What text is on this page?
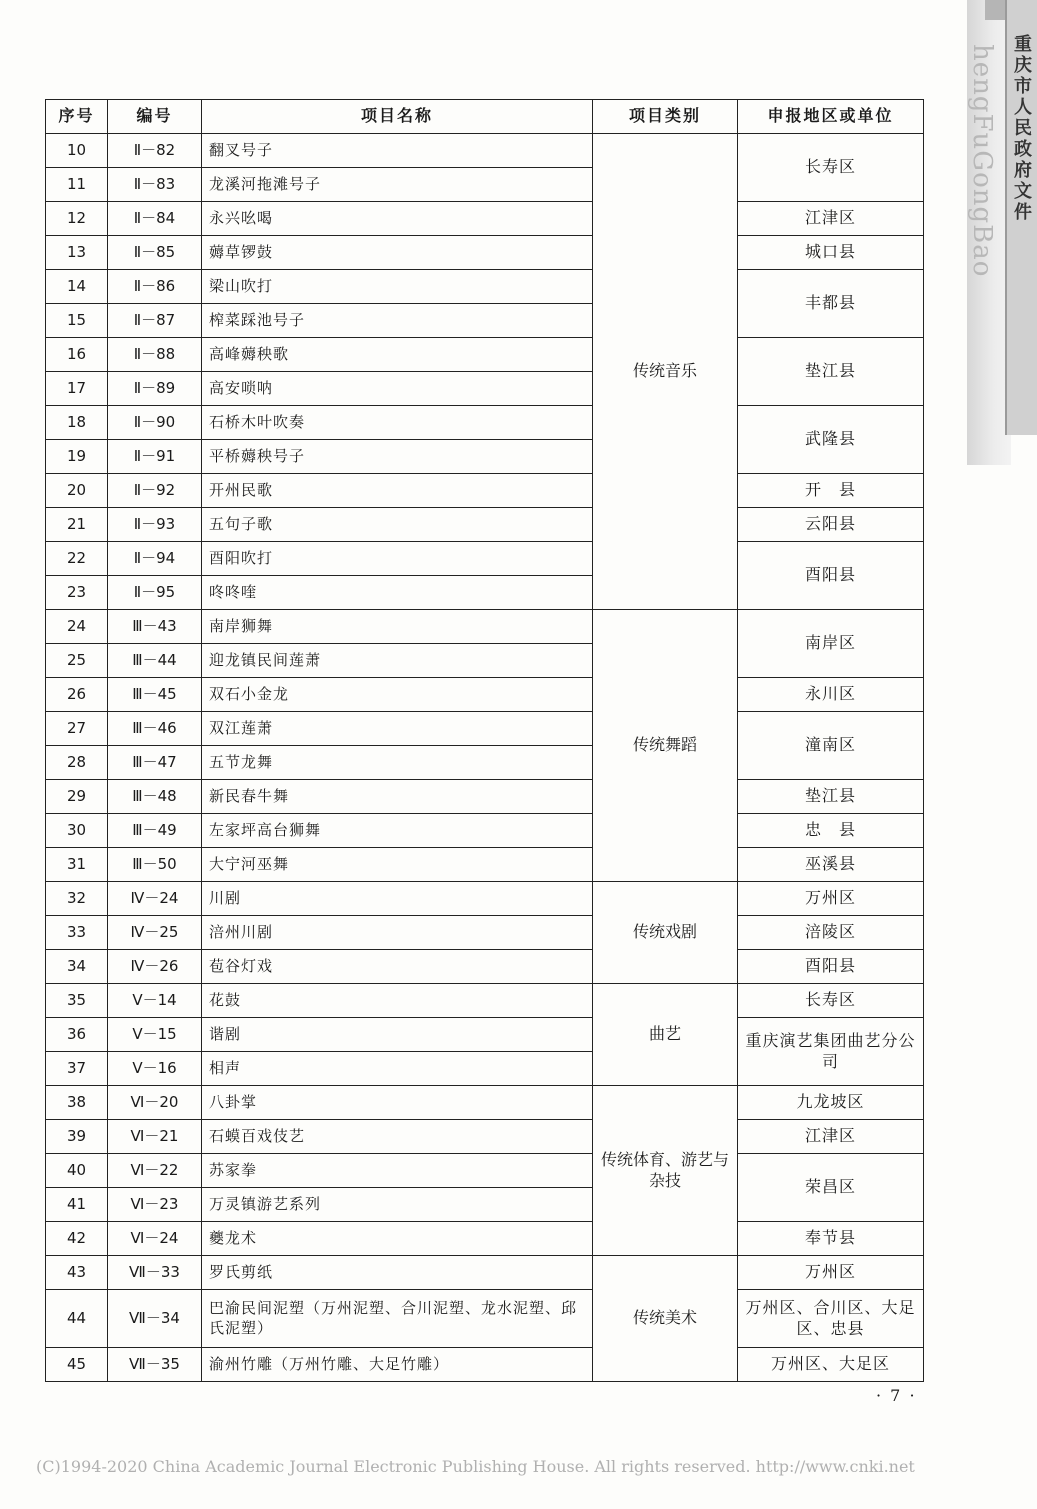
hengFuGongBao 重庆市人民政府文件
序号	编号	项目名称	项目类别	申报地区或单位
10	Ⅱ－82	翻叉号子	传统音乐	长寿区
11	Ⅱ－83	龙溪河拖滩号子		
12	Ⅱ－84	永兴吆喝		江津区
13	Ⅱ－85	薅草锣鼓		城口县
14	Ⅱ－86	梁山吹打		丰都县
15	Ⅱ－87	榨菜踩池号子		
16	Ⅱ－88	高峰薅秧歌		垫江县
17	Ⅱ－89	高安唢呐		
18	Ⅱ－90	石桥木叶吹奏		武隆县
19	Ⅱ－91	平桥薅秧号子		
20	Ⅱ－92	开州民歌		开　县
21	Ⅱ－93	五句子歌		云阳县
22	Ⅱ－94	酉阳吹打		酉阳县
23	Ⅱ－95	咚咚喹		
24	Ⅲ－43	南岸狮舞	传统舞蹈	南岸区
25	Ⅲ－44	迎龙镇民间莲萧		
26	Ⅲ－45	双石小金龙		永川区
27	Ⅲ－46	双江莲萧		潼南区
28	Ⅲ－47	五节龙舞		
29	Ⅲ－48	新民春牛舞		垫江县
30	Ⅲ－49	左家坪高台狮舞		忠　县
31	Ⅲ－50	大宁河巫舞		巫溪县
32	Ⅳ－24	川剧	传统戏剧	万州区
33	Ⅳ－25	涪州川剧		涪陵区
34	Ⅳ－26	苞谷灯戏		酉阳县
35	Ⅴ－14	花鼓	曲艺	长寿区
36	Ⅴ－15	谐剧		重庆演艺集团曲艺分公司
37	Ⅴ－16	相声		
38	Ⅵ－20	八卦掌	传统体育、游艺与杂技	九龙坡区
39	Ⅵ－21	石蟆百戏伎艺		江津区
40	Ⅵ－22	苏家拳		荣昌区
41	Ⅵ－23	万灵镇游艺系列		
42	Ⅵ－24	夔龙术		奉节县
43	Ⅶ－33	罗氏剪纸	传统美术	万州区
44	Ⅶ－34	巴渝民间泥塑（万州泥塑、合川泥塑、龙水泥塑、邱氏泥塑）		万州区、合川区、大足区、忠县
45	Ⅶ－35	渝州竹雕（万州竹雕、大足竹雕）		万州区、大足区
· 7 ·
(C)1994-2020 China Academic Journal Electronic Publishing House. All rights reserved. http://www.cnki.net
